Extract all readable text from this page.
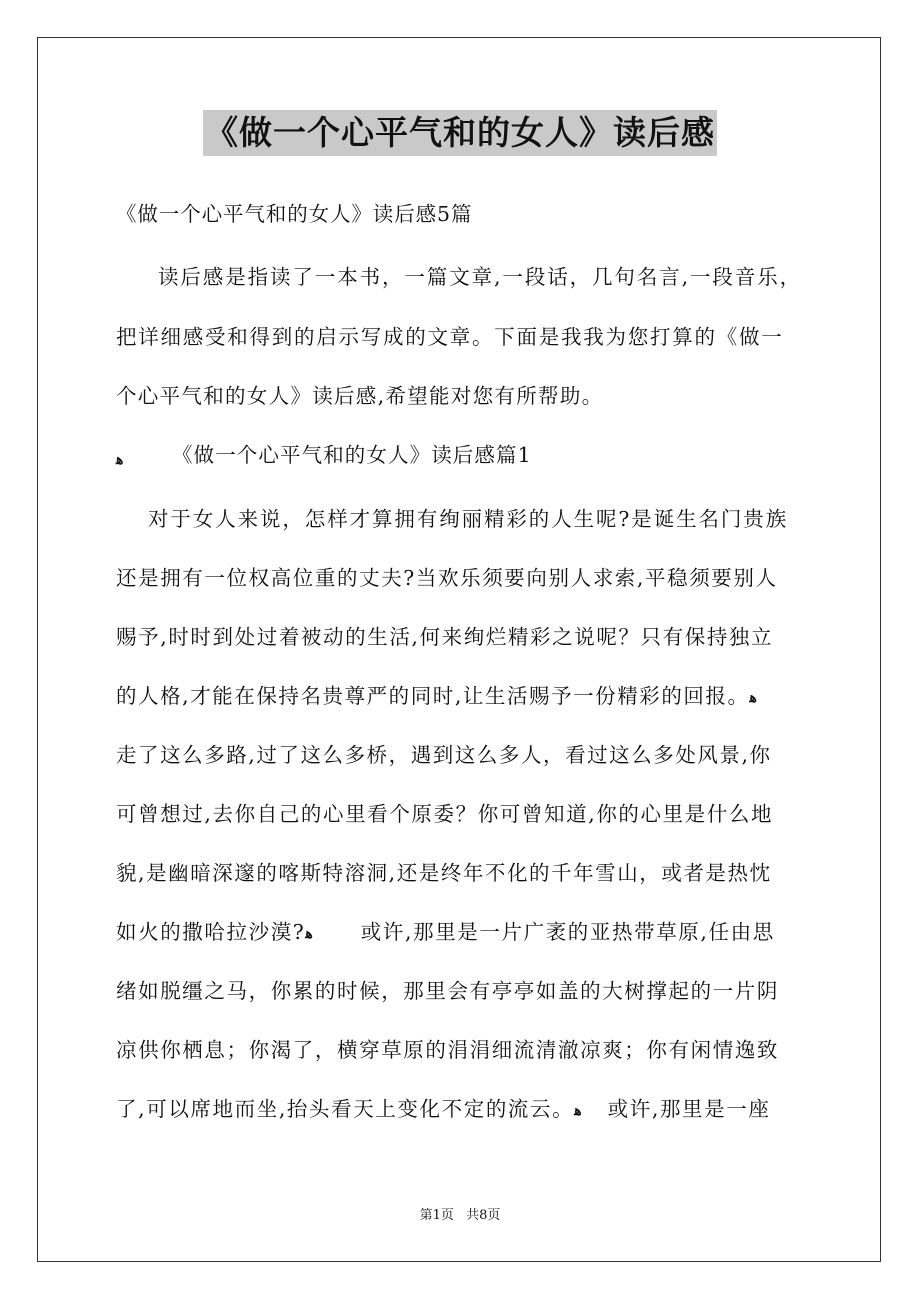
《做一个心平气和的女人》读后感

《做一个心平气和的女人》读后感5篇

读后感是指读了一本书，一篇文章,一段话，几句名言,一段音乐，

把详细感受和得到的启示写成的文章。下面是我我为您打算的《做一

个心平气和的女人》读后感,希望能对您有所帮助。

ﻫ 《做一个心平气和的女人》读后感篇1

对于女人来说，怎样才算拥有绚丽精彩的人生呢?是诞生名门贵族

还是拥有一位权高位重的丈夫?当欢乐须要向别人求索,平稳须要别人

赐予,时时到处过着被动的生活,何来绚烂精彩之说呢？只有保持独立

的人格,才能在保持名贵尊严的同时,让生活赐予一份精彩的回报。ﻫ

走了这么多路,过了这么多桥，遇到这么多人，看过这么多处风景,你

可曾想过,去你自己的心里看个原委？你可曾知道,你的心里是什么地

貌,是幽暗深邃的喀斯特溶洞,还是终年不化的千年雪山，或者是热忱

如火的撒哈拉沙漠?ﻫ 或许,那里是一片广袤的亚热带草原,任由思

绪如脱缰之马，你累的时候，那里会有亭亭如盖的大树撑起的一片阴

凉供你栖息；你渴了，横穿草原的涓涓细流清澈凉爽；你有闲情逸致

了,可以席地而坐,抬头看天上变化不定的流云。ﻫ 或许,那里是一座

第1页 共8页
